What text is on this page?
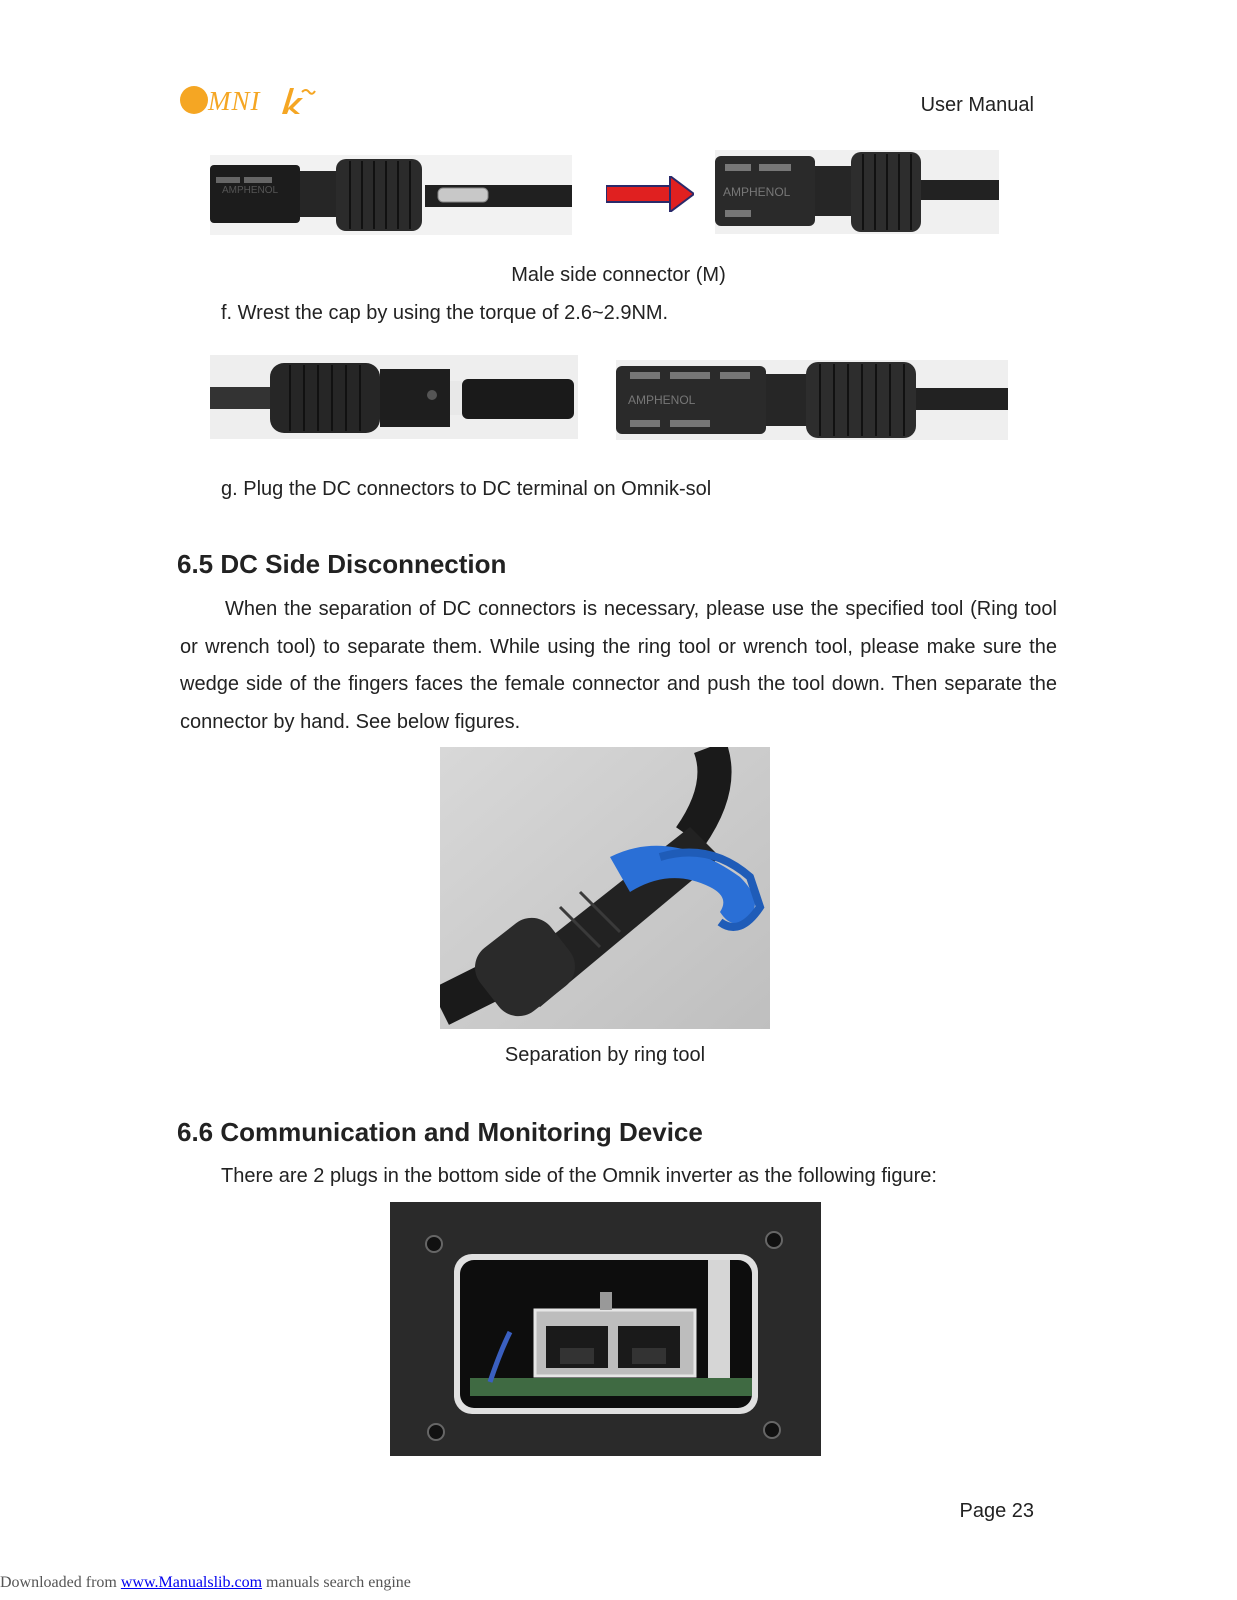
MNI	User Manual
AMPHENOL	AMPHENOL
Male side connector (M)
f. Wrest the cap by using the torque of 2.6~2.9NM.
AMPHENOL
g. Plug the DC connectors to DC terminal on Omnik-sol
6.5 DC Side Disconnection
When the separation of DC connectors is necessary, please use the specified tool (Ring tool or wrench tool) to separate them. While using the ring tool or wrench tool, please make sure the wedge side of the fingers faces the female connector and push the tool down. Then separate the connector by hand. See below figures.
Separation by ring tool
6.6 Communication and Monitoring Device
There are 2 plugs in the bottom side of the Omnik inverter as the following figure:
Page 23
Downloaded from www.Manualslib.com manuals search engine
